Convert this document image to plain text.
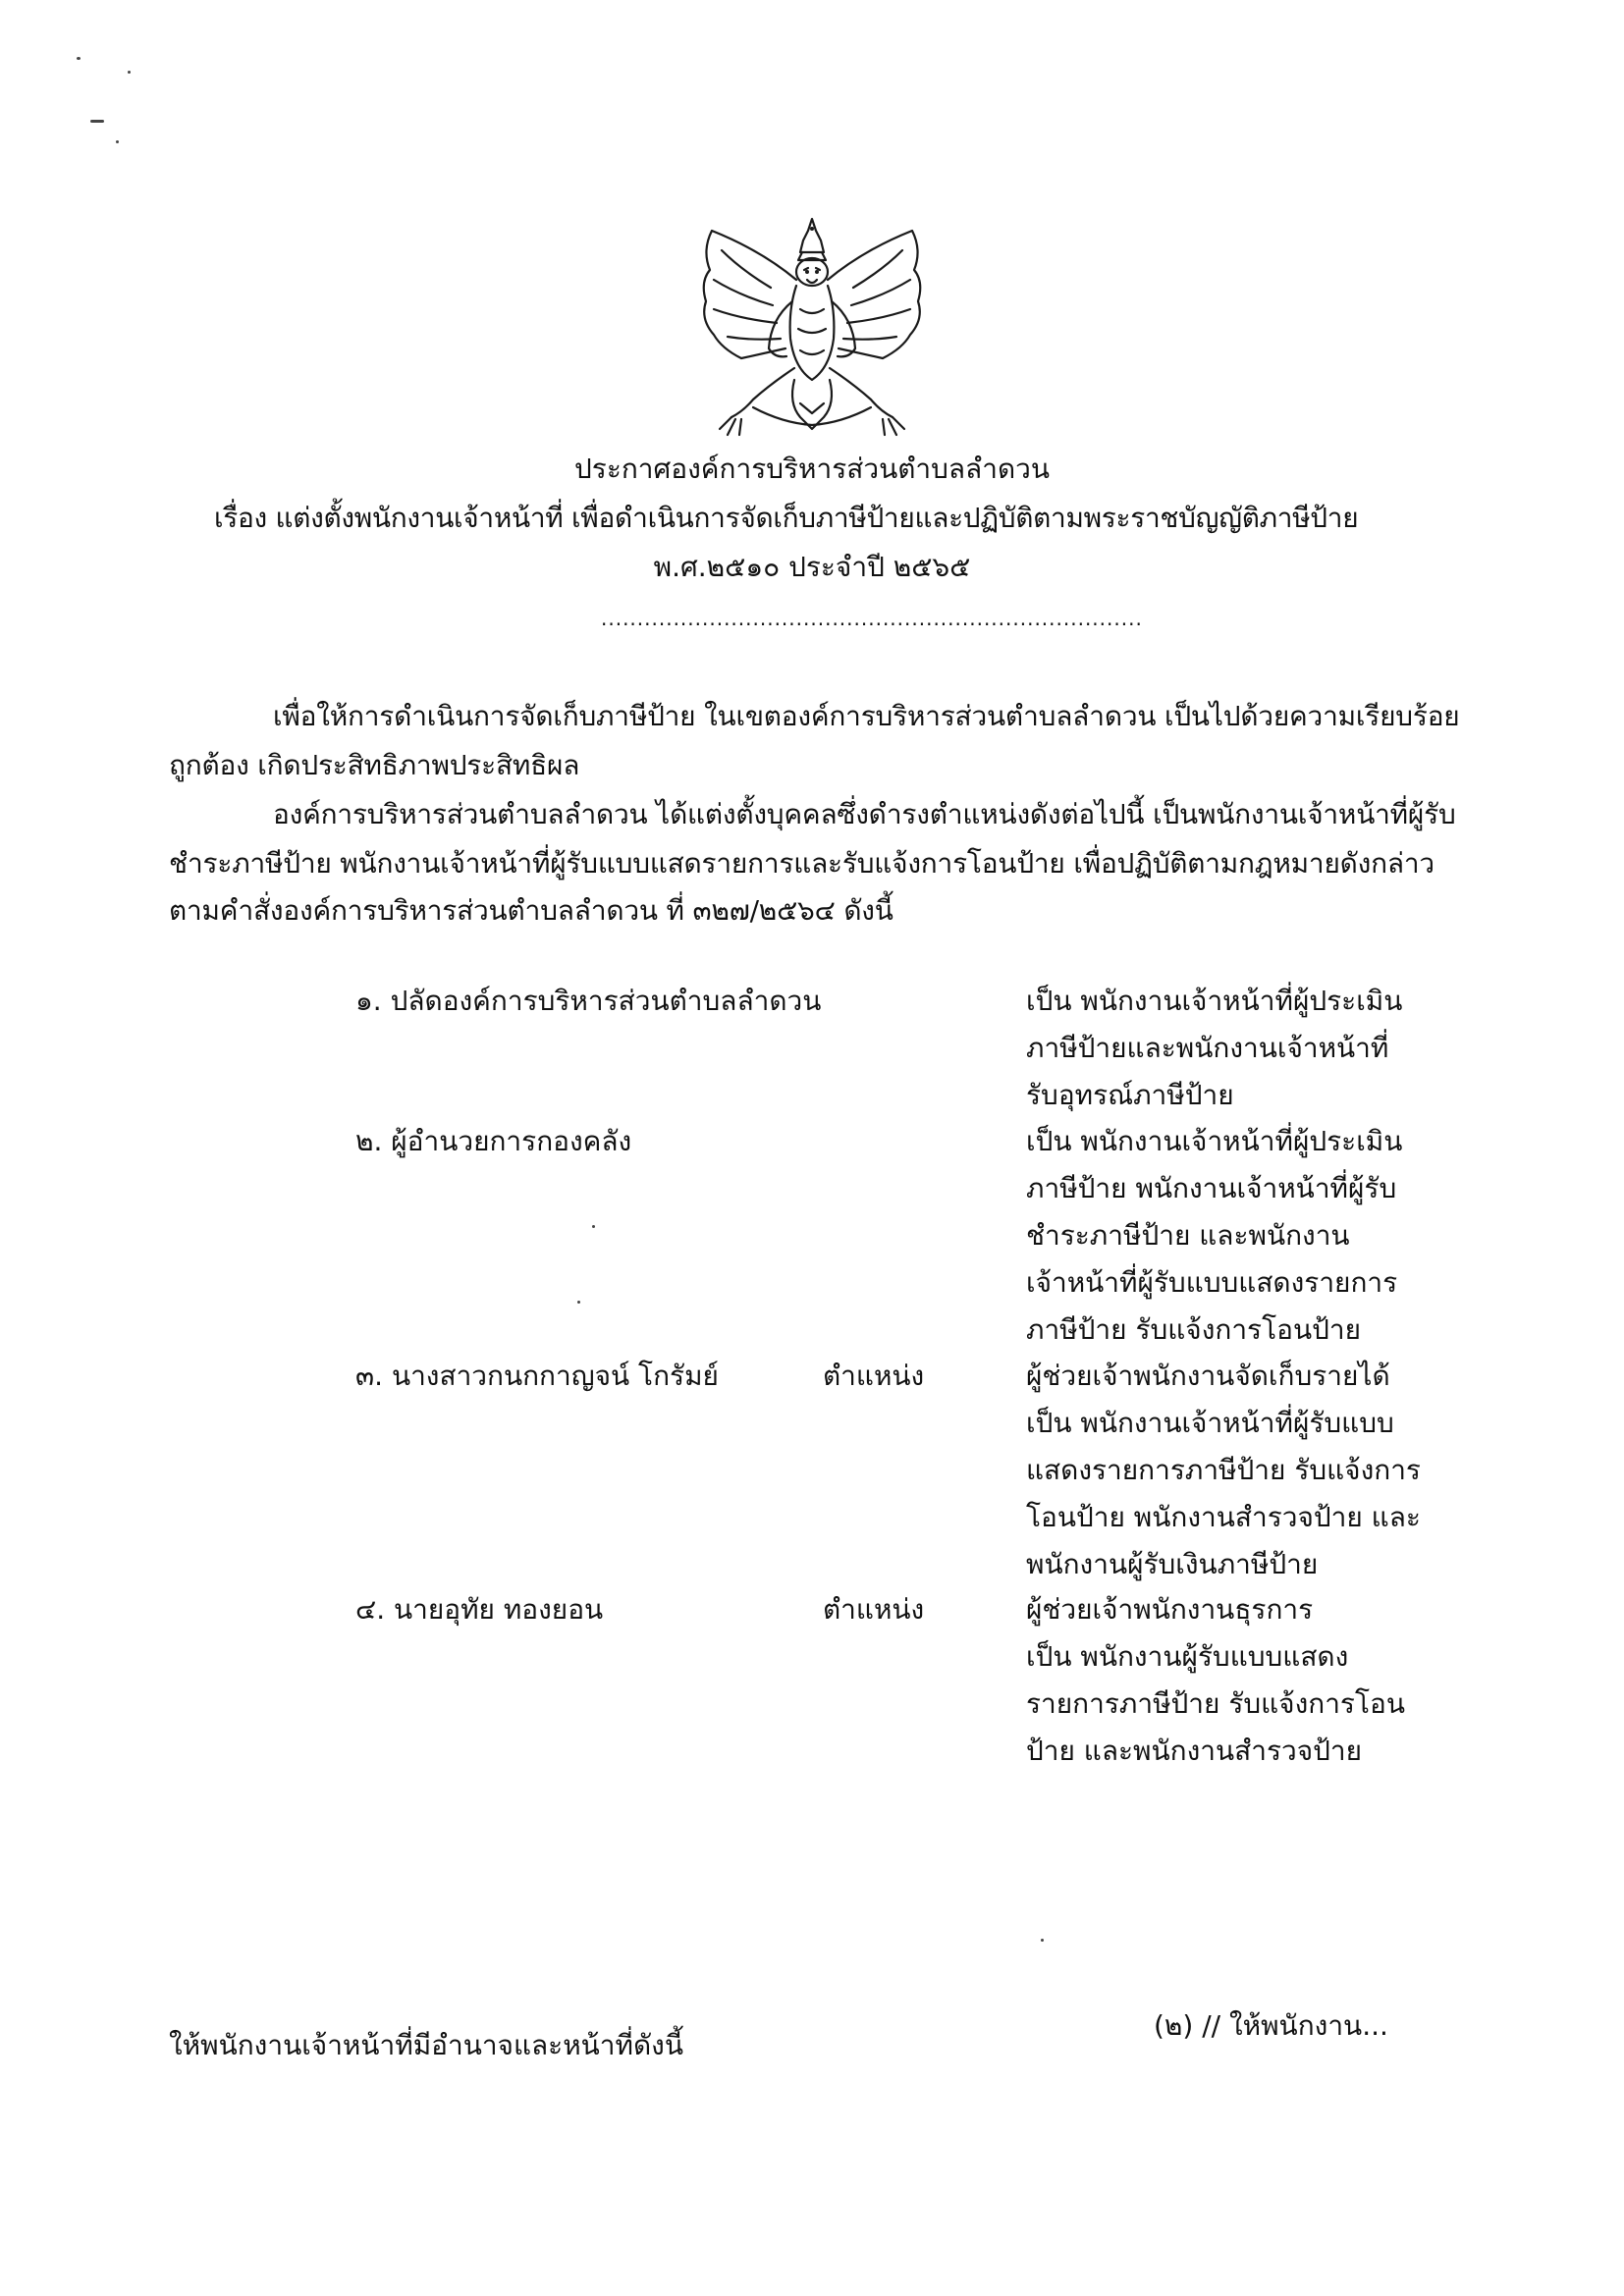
ประกาศองค์การบริหารส่วนตำบลลำดวน
เรื่อง แต่งตั้งพนักงานเจ้าหน้าที่ เพื่อดำเนินการจัดเก็บภาษีป้ายและปฏิบัติตามพระราชบัญญัติภาษีป้าย
พ.ศ.๒๕๑๐ ประจำปี ๒๕๖๕
...........................................................................
เพื่อให้การดำเนินการจัดเก็บภาษีป้าย ในเขตองค์การบริหารส่วนตำบลลำดวน เป็นไปด้วยความเรียบร้อย
ถูกต้อง เกิดประสิทธิภาพประสิทธิผล
องค์การบริหารส่วนตำบลลำดวน ได้แต่งตั้งบุคคลซึ่งดำรงตำแหน่งดังต่อไปนี้ เป็นพนักงานเจ้าหน้าที่ผู้รับ
ชำระภาษีป้าย พนักงานเจ้าหน้าที่ผู้รับแบบแสดรายการและรับแจ้งการโอนป้าย เพื่อปฏิบัติตามกฎหมายดังกล่าว
ตามคำสั่งองค์การบริหารส่วนตำบลลำดวน ที่ ๓๒๗/๒๕๖๔ ดังนี้
๑. ปลัดองค์การบริหารส่วนตำบลลำดวน	เป็น พนักงานเจ้าหน้าที่ผู้ประเมิน
ภาษีป้ายและพนักงานเจ้าหน้าที่
รับอุทรณ์ภาษีป้าย
๒. ผู้อำนวยการกองคลัง	เป็น พนักงานเจ้าหน้าที่ผู้ประเมิน
ภาษีป้าย พนักงานเจ้าหน้าที่ผู้รับ
ชำระภาษีป้าย และพนักงาน
เจ้าหน้าที่ผู้รับแบบแสดงรายการ
ภาษีป้าย รับแจ้งการโอนป้าย
๓. นางสาวกนกกาญจน์ โกรัมย์	ตำแหน่ง	ผู้ช่วยเจ้าพนักงานจัดเก็บรายได้
เป็น พนักงานเจ้าหน้าที่ผู้รับแบบ
แสดงรายการภาษีป้าย รับแจ้งการ
โอนป้าย พนักงานสำรวจป้าย และ
พนักงานผู้รับเงินภาษีป้าย
๔. นายอุทัย ทองยอน	ตำแหน่ง	ผู้ช่วยเจ้าพนักงานธุรการ
เป็น พนักงานผู้รับแบบแสดง
รายการภาษีป้าย รับแจ้งการโอน
ป้าย และพนักงานสำรวจป้าย
ให้พนักงานเจ้าหน้าที่มีอำนาจและหน้าที่ดังนี้
(๒) // ให้พนักงาน...
